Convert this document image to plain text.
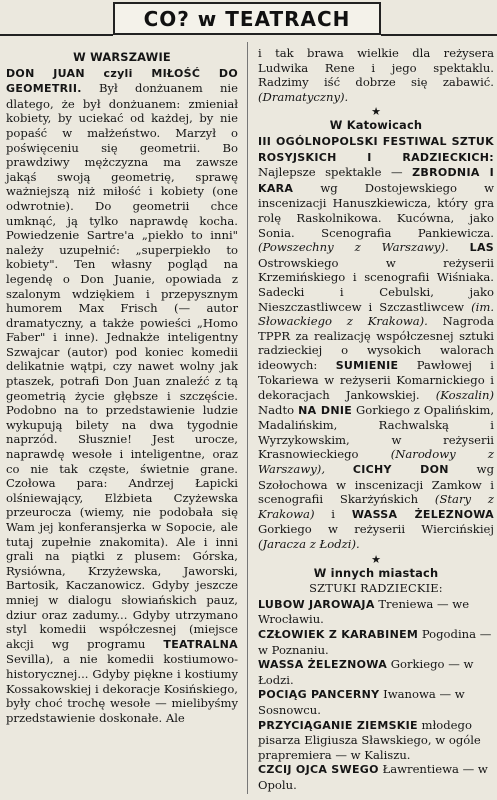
CO? w TEATRACH
W WARSZAWIE

DON JUAN czyli MIŁOŚĆ DO GEOMETRII. Był donżuanem nie dlatego, że był donżuanem: zmieniał kobiety, by uciekać od każdej, by nie popaść w małżeństwo. Marzył o poświęceniu się geometrii. Bo prawdziwy mężczyzna ma zawsze jakąś swoją geometrię, sprawę ważniejszą niż miłość i kobiety (one odwrotnie). Do geometrii chce umknąć, ją tylko naprawdę kocha. Powiedzenie Sartre'a „piekło to inni" należy uzupełnić: „superpiekło to kobiety". Ten własny pogląd na legendę o Don Juanie, opowiada z szalonym wdziękiem i przepysznym humorem Max Frisch (— autor dramatyczny, a także powieści „Homo Faber" i inne). Jednakże inteligentny Szwajcar (autor) pod koniec komedii delikatnie wątpi, czy nawet wolny jak ptaszek, potrafi Don Juan znaleźć z tą geometrią życie głębsze i szczęście. Podobno na to przedstawienie ludzie wykupują bilety na dwa tygodnie naprzód. Słusznie! Jest urocze, naprawdę wesołe i inteligentne, oraz co nie tak częste, świetnie grane. Czołowa para: Andrzej Łapicki olśniewający, Elżbieta Czyżewska przeurocza (wiemy, nie podobała się Wam jej konferansjerka w Sopocie, ale tutaj zupełnie znakomita). Ale i inni grali na piątki z plusem: Górska, Rysiówna, Krzyżewska, Jaworski, Bartosik, Kaczanowicz. Gdyby jeszcze mniej w dialogu słowiańskich pauz, dziur oraz zadumy... Gdyby utrzymano styl komedii współczesnej (miejsce akcji wg programu TEATRALNA Sevilla), a nie komedii kostiumowo-historycznej... Gdyby piękne i kostiumy Kossakowskiej i dekoracje Kosińskiego, były choć trochę wesołe — mielibyśmy przedstawienie doskonałe. Ale

i tak brawa wielkie dla reżysera Ludwika Rene i jego spektaklu. Radzimy iść dobrze się zabawić. (Dramatyczny).

★
W Katowicach

III OGÓLNOPOLSKI FESTIWAL SZTUK ROSYJSKICH I RADZIECKICH: Najlepsze spektakle — ZBRODNIA I KARA wg Dostojewskiego w inscenizacji Hanuszkiewicza, który gra rolę Raskolnikowa. Kucówna, jako Sonia. Scenografia Pankiewicza. (Powszechny z Warszawy). LAS Ostrowskiego w reżyserii Krzemińskiego i scenografii Wiśniaka. Sadecki i Cebulski, jako Nieszczastliwcew i Szczastliwcew (im. Słowackiego z Krakowa). Nagroda TPPR za realizację współczesnej sztuki radzieckiej o wysokich walorach ideowych: SUMIENIE Pawłowej i Tokariewa w reżyserii Komarnickiego i dekoracjach Jankowskiej. (Koszalin) Nadto NA DNIE Gorkiego z Opalińskim, Madalińskim, Rachwalską i Wyrzykowskim, w reżyserii Krasnowieckiego	(Narodowy z Warszawy),	CICHY DON wg Szołochowa w inscenizacji Zamkow i scenografii Skarżyńskich (Stary z Krakowa) i WASSA ŻELEZNOWA Gorkiego w reżyserii Wiercińskiej (Jaracza z Łodzi).

★
W innych miastach
SZTUKI RADZIECKIE:

LUBOW JAROWAJA Treniewa — we Wrocławiu.

CZŁOWIEK Z KARABINEM Pogodina — w Poznaniu.

WASSA ŻELEZNOWA Gorkiego — w Łodzi.

POCIĄG PANCERNY Iwanowa — w Sosnowcu.

PRZYCIĄGANIE ZIEMSKIE młodego pisarza Eligiusza Sławskiego, w ogóle prapremiera — w Kaliszu.

CZCIJ OJCA SWEGO Ławrentiewa — w Opolu.
